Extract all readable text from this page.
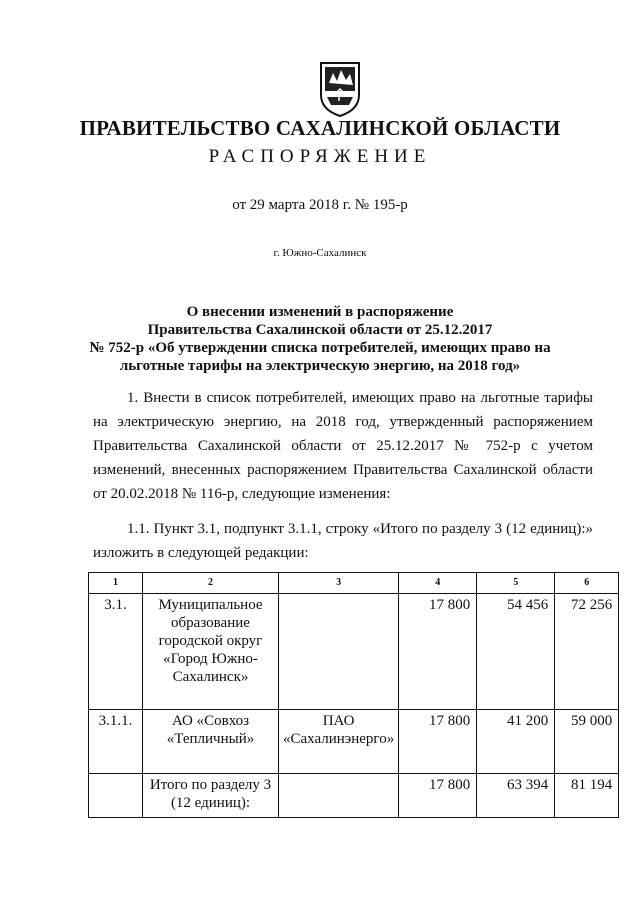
ПРАВИТЕЛЬСТВО САХАЛИНСКОЙ ОБЛАСТИ
РАСПОРЯЖЕНИЕ
от 29 марта 2018 г. № 195-р
г. Южно-Сахалинск
О внесении изменений в распоряжение
Правительства Сахалинской области от 25.12.2017
№ 752-р «Об утверждении списка потребителей, имеющих право на
льготные тарифы на электрическую энергию, на 2018 год»
1. Внести в список потребителей, имеющих право на льготные тарифы на электрическую энергию, на 2018 год, утвержденный распоряжением Правительства Сахалинской области от 25.12.2017 № 752-р с учетом изменений, внесенных распоряжением Правительства Сахалинской области от 20.02.2018 № 116-р, следующие изменения:
1.1. Пункт 3.1, подпункт 3.1.1, строку «Итого по разделу 3 (12 единиц):» изложить в следующей редакции:
1	2	3	4	5	6
3.1.	Муниципальное образование городской округ «Город Южно-Сахалинск»		17 800	54 456	72 256
3.1.1.	АО «Совхоз «Тепличный»	ПАО «Сахалинэнерго»	17 800	41 200	59 000
	Итого по разделу 3 (12 единиц):		17 800	63 394	81 194
